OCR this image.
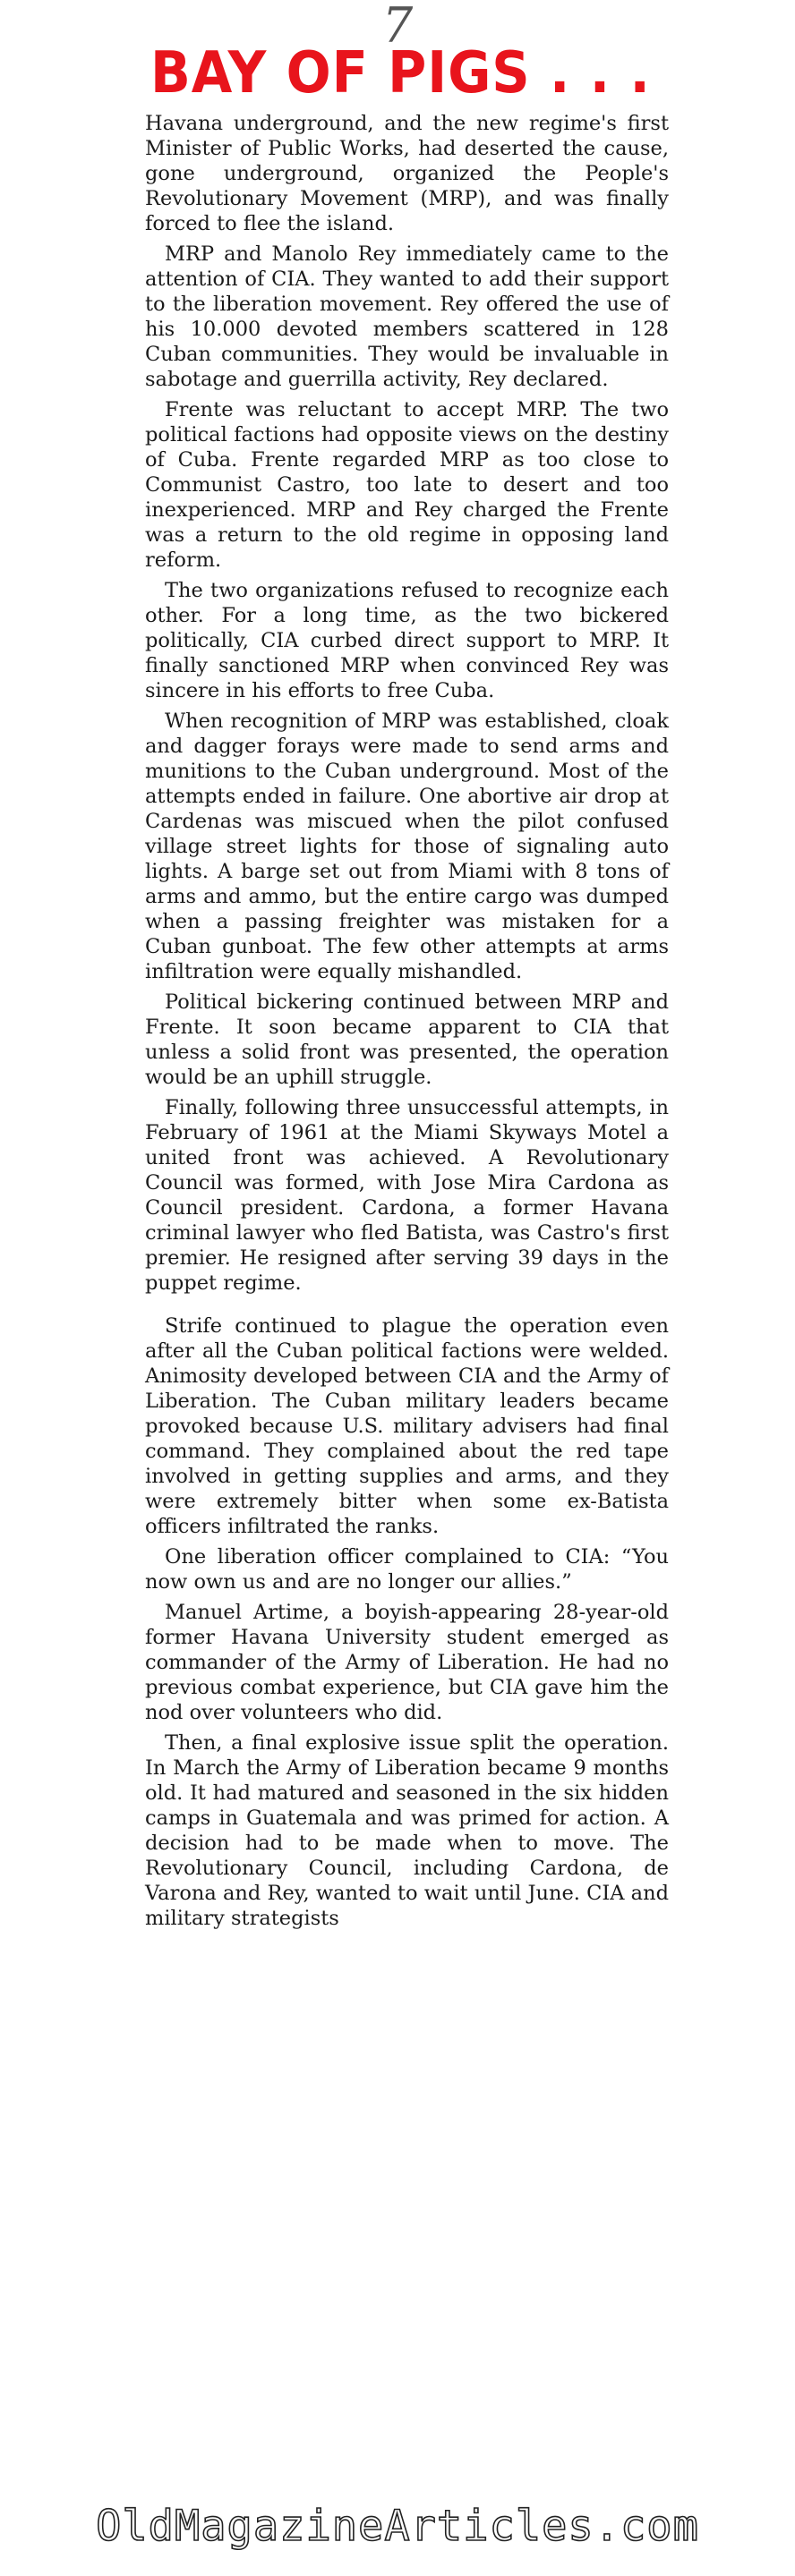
7
BAY OF PIGS . . .

Havana underground, and the new regime's first Minister of Public Works, had deserted the cause, gone underground, organized the People's Revolutionary Movement (MRP), and was finally forced to flee the island.

MRP and Manolo Rey immediately came to the attention of CIA. They wanted to add their support to the liberation movement. Rey offered the use of his 10.000 devoted members scattered in 128 Cuban communities. They would be invaluable in sabotage and guerrilla activity, Rey declared.

Frente was reluctant to accept MRP. The two political factions had opposite views on the destiny of Cuba. Frente regarded MRP as too close to Communist Castro, too late to desert and too inexperienced. MRP and Rey charged the Frente was a return to the old regime in opposing land reform.

The two organizations refused to recognize each other. For a long time, as the two bickered politically, CIA curbed direct support to MRP. It finally sanctioned MRP when convinced Rey was sincere in his efforts to free Cuba.

When recognition of MRP was established, cloak and dagger forays were made to send arms and munitions to the Cuban underground. Most of the attempts ended in failure. One abortive air drop at Cardenas was miscued when the pilot confused village street lights for those of signaling auto lights. A barge set out from Miami with 8 tons of arms and ammo, but the entire cargo was dumped when a passing freighter was mistaken for a Cuban gunboat. The few other attempts at arms infiltration were equally mishandled.

Political bickering continued between MRP and Frente. It soon became apparent to CIA that unless a solid front was presented, the operation would be an uphill struggle.

Finally, following three unsuccessful attempts, in February of 1961 at the Miami Skyways Motel a united front was achieved. A Revolutionary Council was formed, with Jose Mira Cardona as Council president. Cardona, a former Havana criminal lawyer who fled Batista, was Castro's first premier. He resigned after serving 39 days in the puppet regime.

Strife continued to plague the operation even after all the Cuban political factions were welded. Animosity developed between CIA and the Army of Liberation. The Cuban military leaders became provoked because U.S. military advisers had final command. They complained about the red tape involved in getting supplies and arms, and they were extremely bitter when some ex-Batista officers infiltrated the ranks.

One liberation officer complained to CIA: “You now own us and are no longer our allies.”

Manuel Artime, a boyish-appearing 28-year-old former Havana University student emerged as commander of the Army of Liberation. He had no previous combat experience, but CIA gave him the nod over volunteers who did.

Then, a final explosive issue split the operation. In March the Army of Liberation became 9 months old. It had matured and seasoned in the six hidden camps in Guatemala and was primed for action. A decision had to be made when to move. The Revolutionary Council, including Cardona, de Varona and Rey, wanted to wait until June. CIA and military strategists

OldMagazineArticles.com
